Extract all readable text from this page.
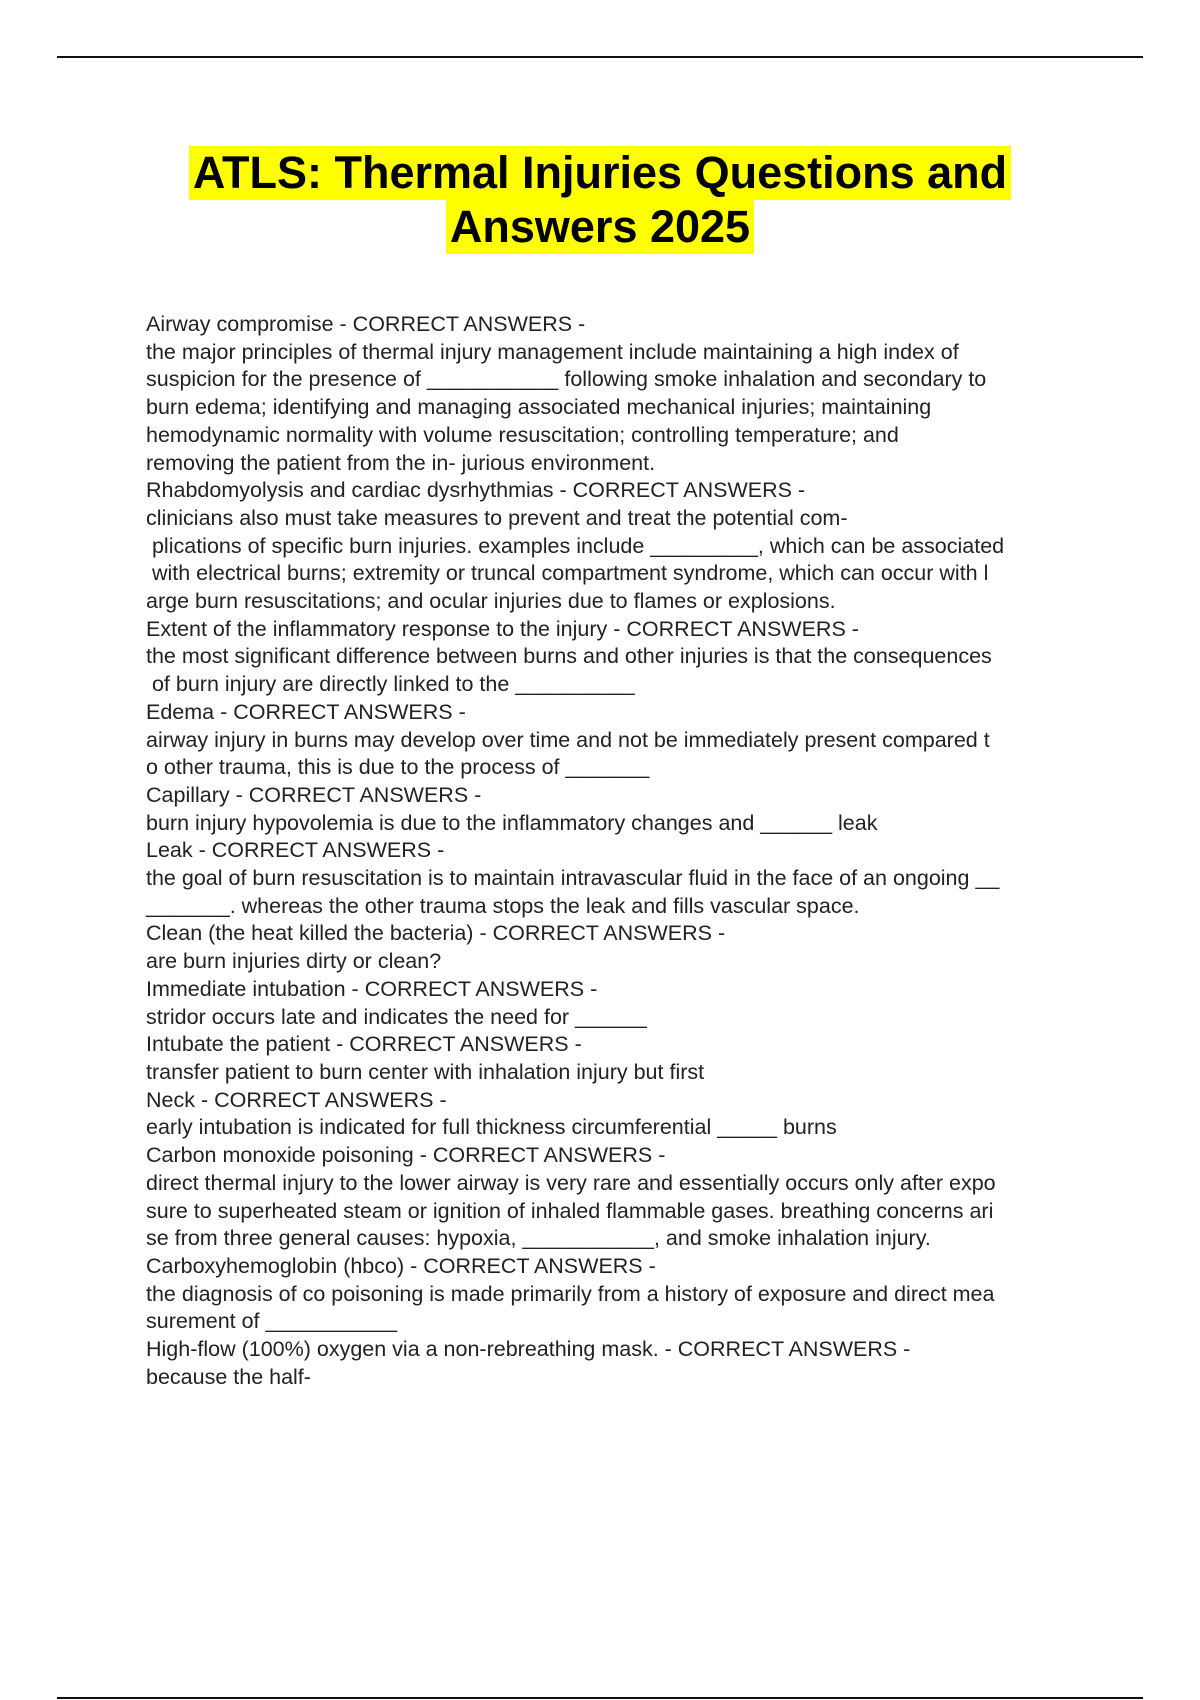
ATLS: Thermal Injuries Questions and
Answers 2025
Airway compromise - CORRECT ANSWERS -
the major principles of thermal injury management include maintaining a high index of
suspicion for the presence of ___________ following smoke inhalation and secondary to
burn edema; identifying and managing associated mechanical injuries; maintaining
hemodynamic normality with volume resuscitation; controlling temperature; and
removing the patient from the in- jurious environment.
Rhabdomyolysis and cardiac dysrhythmias - CORRECT ANSWERS -
clinicians also must take measures to prevent and treat the potential com-
plications of specific burn injuries. examples include _________, which can be associated
with electrical burns; extremity or truncal compartment syndrome, which can occur with l
arge burn resuscitations; and ocular injuries due to flames or explosions.
Extent of the inflammatory response to the injury - CORRECT ANSWERS -
the most significant difference between burns and other injuries is that the consequences
of burn injury are directly linked to the __________
Edema - CORRECT ANSWERS -
airway injury in burns may develop over time and not be immediately present compared t
o other trauma, this is due to the process of _______
Capillary - CORRECT ANSWERS -
burn injury hypovolemia is due to the inflammatory changes and ______ leak
Leak - CORRECT ANSWERS -
the goal of burn resuscitation is to maintain intravascular fluid in the face of an ongoing __
_______. whereas the other trauma stops the leak and fills vascular space.
Clean (the heat killed the bacteria) - CORRECT ANSWERS -
are burn injuries dirty or clean?
Immediate intubation - CORRECT ANSWERS -
stridor occurs late and indicates the need for ______
Intubate the patient - CORRECT ANSWERS -
transfer patient to burn center with inhalation injury but first
Neck - CORRECT ANSWERS -
early intubation is indicated for full thickness circumferential _____ burns
Carbon monoxide poisoning - CORRECT ANSWERS -
direct thermal injury to the lower airway is very rare and essentially occurs only after expo
sure to superheated steam or ignition of inhaled flammable gases. breathing concerns ari
se from three general causes: hypoxia, ___________, and smoke inhalation injury.
Carboxyhemoglobin (hbco) - CORRECT ANSWERS -
the diagnosis of co poisoning is made primarily from a history of exposure and direct mea
surement of ___________
High-flow (100%) oxygen via a non-rebreathing mask. - CORRECT ANSWERS -
because the half-
